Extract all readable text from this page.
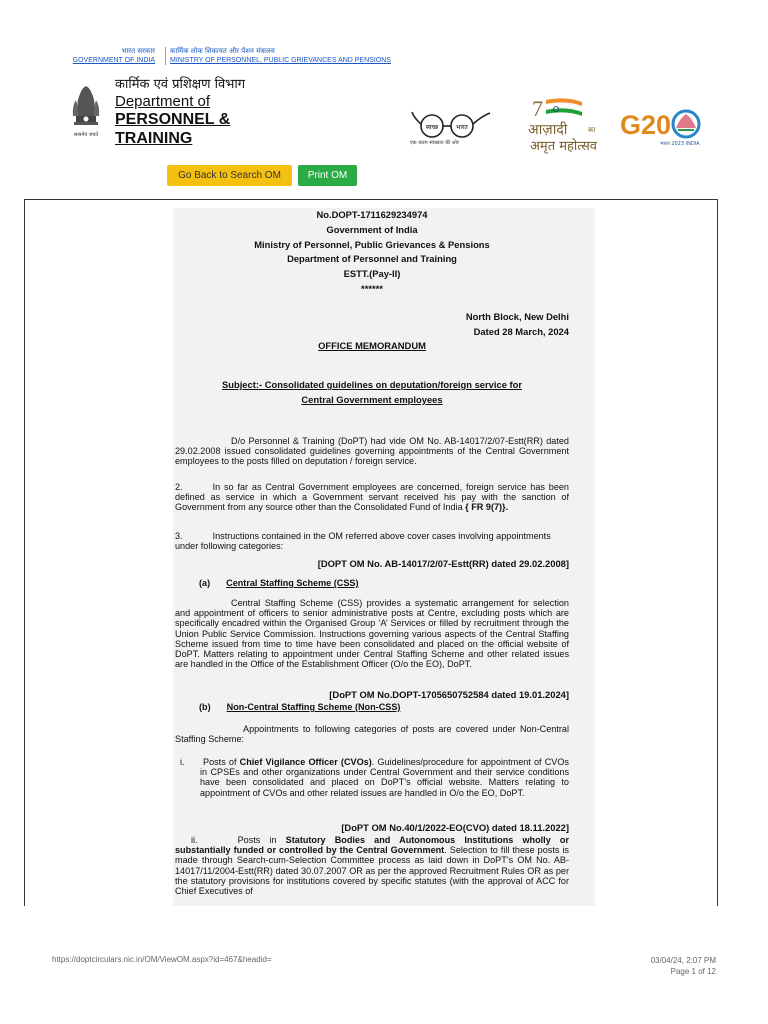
भारत सरकार
GOVERNMENT OF INDIA
कार्मिक लोक शिकायत और पेंशन मंत्रालय
MINISTRY OF PERSONNEL, PUBLIC GRIEVANCES AND PENSIONS
सत्यमेव जयते
कार्मिक एवं प्रशिक्षण विभाग
Department of
PERSONNEL &
TRAINING
स्वच्छ	भारत
एक कदम स्वच्छता की ओर
7
आज़ादी	का
अमृत महोत्सव
G20
भारत 2023 INDIA
Go Back to Search OM	Print OM
No.DOPT-1711629234974
Government of India
Ministry of Personnel, Public Grievances & Pensions
Department of Personnel and Training
ESTT.(Pay-II)
******
North Block, New Delhi
Dated 28 March, 2024
OFFICE MEMORANDUM
Subject:- Consolidated guidelines on deputation/foreign service for
Central Government employees
D/o Personnel & Training (DoPT) had vide OM No. AB-14017/2/07-Estt(RR) dated 29.02.2008 issued consolidated guidelines governing appointments of the Central Government employees to the posts filled on deputation / foreign service.
2.	In so far as Central Government employees are concerned, foreign service has been defined as service in which a Government servant received his pay with the sanction of Government from any source other than the Consolidated Fund of India { FR 9(7)}.
3.	Instructions contained in the OM referred above cover cases involving appointments under following categories:
[DOPT OM No. AB-14017/2/07-Estt(RR) dated 29.02.2008]
(a) Central Staffing Scheme (CSS)
Central Staffing Scheme (CSS) provides a systematic arrangement for selection and appointment of officers to senior administrative posts at Centre, excluding posts which are specifically encadred within the Organised Group ‘A’ Services or filled by recruitment through the Union Public Service Commission. Instructions governing various aspects of the Central Staffing Scheme issued from time to time have been consolidated and placed on the official website of DoPT. Matters relating to appointment under Central Staffing Scheme and other related issues are handled in the Office of the Establishment Officer (O/o the EO), DoPT.
[DoPT OM No.DOPT-1705650752584 dated 19.01.2024]
(b) Non-Central Staffing Scheme (Non-CSS)
Appointments to following categories of posts are covered under Non-Central Staffing Scheme:
i.	Posts of Chief Vigilance Officer (CVOs). Guidelines/procedure for appointment of CVOs in CPSEs and other organizations under Central Government and their service conditions have been consolidated and placed on DoPT’s official website. Matters relating to appointment of CVOs and other related issues are handled in O/o the EO, DoPT.
[DoPT OM No.40/1/2022-EO(CVO) dated 18.11.2022]
ii.	Posts in Statutory Bodies and Autonomous Institutions wholly or substantially funded or controlled by the Central Government. Selection to fill these posts is made through Search-cum-Selection Committee process as laid down in DoPT’s OM No. AB-14017/11/2004-Estt(RR) dated 30.07.2007 OR as per the approved Recruitment Rules OR as per the statutory provisions for institutions covered by specific statutes (with the approval of ACC for Chief Executives of
https://doptcirculars.nic.in/OM/ViewOM.aspx?id=467&headid=	03/04/24, 2:07 PM
Page 1 of 12
